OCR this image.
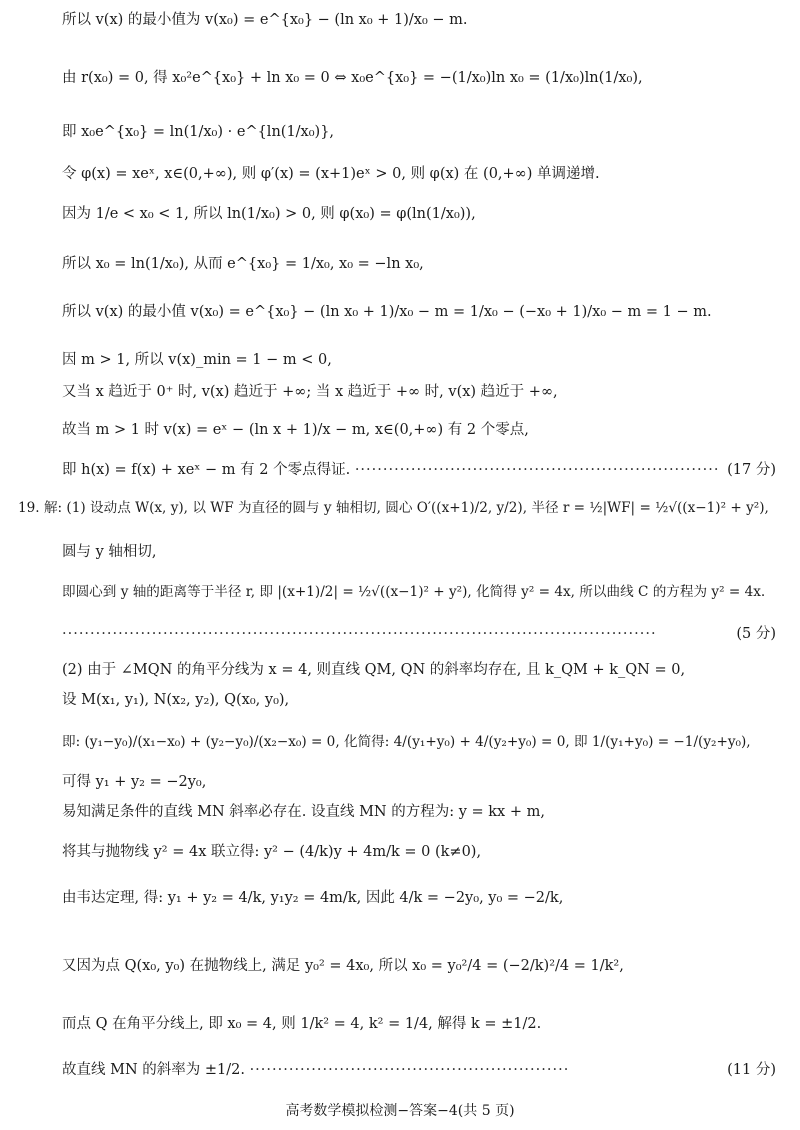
所以 v(x) 的最小值为 v(x₀) = e^{x₀} − (ln x₀ + 1)/x₀ − m.
由 r(x₀) = 0, 得 x₀²e^{x₀} + ln x₀ = 0 ⇔ x₀e^{x₀} = −(1/x₀)ln x₀ = (1/x₀)ln(1/x₀),
即 x₀e^{x₀} = ln(1/x₀) · e^{ln(1/x₀)},
令 φ(x) = xeˣ, x∈(0,+∞), 则 φ′(x) = (x+1)eˣ > 0, 则 φ(x) 在 (0,+∞) 单调递增.
因为 1/e < x₀ < 1, 所以 ln(1/x₀) > 0, 则 φ(x₀) = φ(ln(1/x₀)),
所以 x₀ = ln(1/x₀), 从而 e^{x₀} = 1/x₀, x₀ = −ln x₀,
所以 v(x) 的最小值 v(x₀) = e^{x₀} − (ln x₀ + 1)/x₀ − m = 1/x₀ − (−x₀ + 1)/x₀ − m = 1 − m.
因 m > 1, 所以 v(x)_min = 1 − m < 0,
又当 x 趋近于 0⁺ 时, v(x) 趋近于 +∞; 当 x 趋近于 +∞ 时, v(x) 趋近于 +∞,
故当 m > 1 时 v(x) = eˣ − (ln x + 1)/x − m, x∈(0,+∞) 有 2 个零点,
即 h(x) = f(x) + xeˣ − m 有 2 个零点得证. ································································· (17 分)
19. 解: (1) 设动点 W(x, y), 以 WF 为直径的圆与 y 轴相切, 圆心 O′((x+1)/2, y/2), 半径 r = ½|WF| = ½√((x−1)² + y²),
圆与 y 轴相切,
即圆心到 y 轴的距离等于半径 r, 即 |(x+1)/2| = ½√((x−1)² + y²), 化简得 y² = 4x, 所以曲线 C 的方程为 y² = 4x.
··········································································································	(5 分)
(2) 由于 ∠MQN 的角平分线为 x = 4, 则直线 QM, QN 的斜率均存在, 且 k_QM + k_QN = 0,
设 M(x₁, y₁), N(x₂, y₂), Q(x₀, y₀),
即: (y₁−y₀)/(x₁−x₀) + (y₂−y₀)/(x₂−x₀) = 0, 化简得: 4/(y₁+y₀) + 4/(y₂+y₀) = 0, 即 1/(y₁+y₀) = −1/(y₂+y₀),
可得 y₁ + y₂ = −2y₀,
易知满足条件的直线 MN 斜率必存在. 设直线 MN 的方程为: y = kx + m,
将其与抛物线 y² = 4x 联立得: y² − (4/k)y + 4m/k = 0 (k≠0),
由韦达定理, 得: y₁ + y₂ = 4/k, y₁y₂ = 4m/k, 因此 4/k = −2y₀, y₀ = −2/k,
又因为点 Q(x₀, y₀) 在抛物线上, 满足 y₀² = 4x₀, 所以 x₀ = y₀²/4 = (−2/k)²/4 = 1/k²,
而点 Q 在角平分线上, 即 x₀ = 4, 则 1/k² = 4, k² = 1/4, 解得 k = ±1/2.
故直线 MN 的斜率为 ±1/2. ·························································	(11 分)
高考数学模拟检测−答案−4(共 5 页)
